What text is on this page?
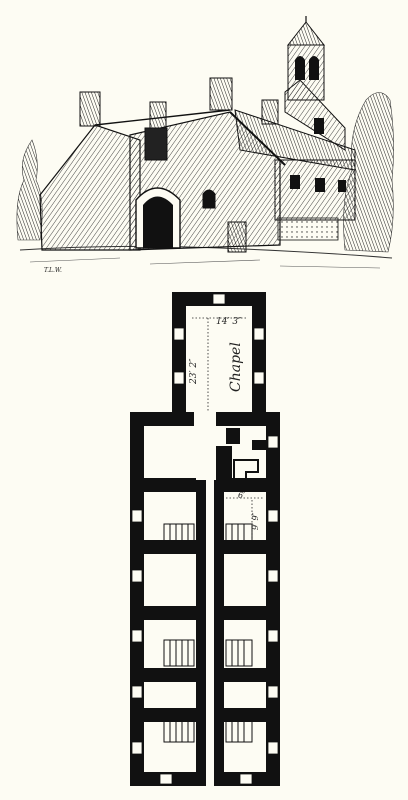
T.L.W.
14′ 3″
23′ 2″ Chapel
6′
9′ 9″
